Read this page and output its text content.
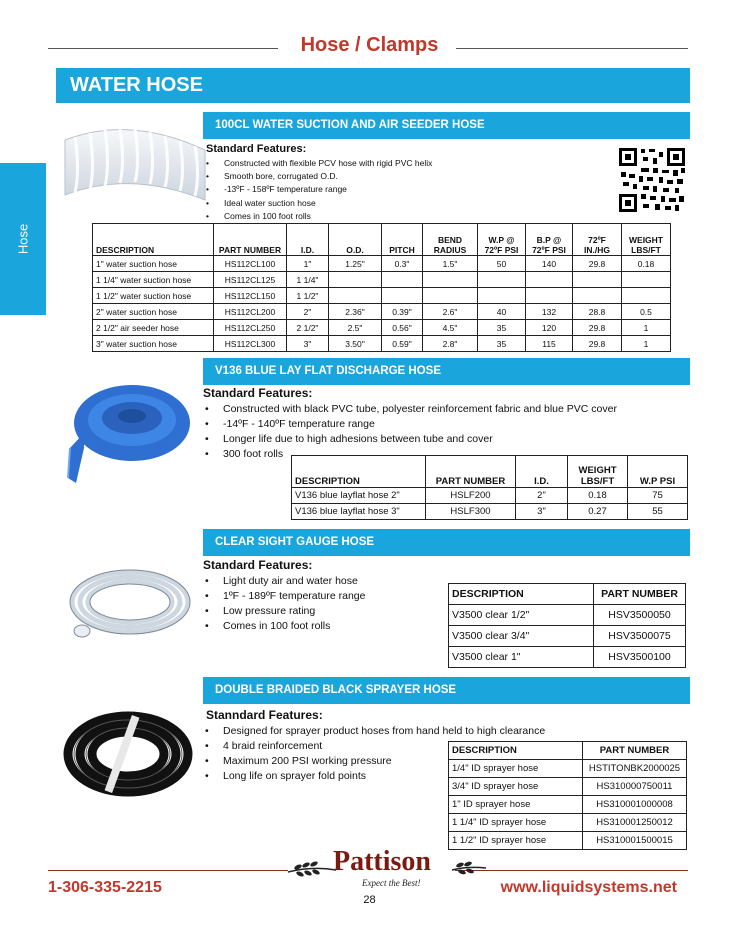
Hose / Clamps
WATER HOSE
Hose
100CL WATER SUCTION AND AIR SEEDER HOSE
Standard Features:
• Constructed with flexible PCV hose with rigid PVC helix
• Smooth bore, corrugated O.D.
• -13ºF - 158ºF temperature range
• Ideal water suction hose
• Comes in 100 foot rolls
DESCRIPTION	PART NUMBER	I.D.	O.D.	PITCH	BEND RADIUS	W.P @ 72ºF PSI	B.P @ 72ºF PSI	72ºF IN./HG	WEIGHT LBS/FT
1" water suction hose	HS112CL100	1"	1.25"	0.3"	1.5"	50	140	29.8	0.18
1 1/4" water suction hose	HS112CL125	1 1/4"							
1 1/2" water suction hose	HS112CL150	1 1/2"							
2" water suction hose	HS112CL200	2"	2.36"	0.39"	2.6"	40	132	28.8	0.5
2 1/2" air seeder hose	HS112CL250	2 1/2"	2.5"	0.56"	4.5"	35	120	29.8	1
3" water suction hose	HS112CL300	3"	3.50"	0.59"	2.8"	35	115	29.8	1
V136 BLUE LAY FLAT DISCHARGE HOSE
Standard Features:
• Constructed with black PVC tube, polyester reinforcement fabric and blue PVC cover
• -14ºF - 140ºF temperature range
• Longer life due to high adhesions between tube and cover
• 300 foot rolls
DESCRIPTION	PART NUMBER	I.D.	WEIGHT LBS/FT	W.P PSI
V136 blue layflat hose 2"	HSLF200	2"	0.18	75
V136 blue layflat hose 3"	HSLF300	3"	0.27	55
CLEAR SIGHT GAUGE HOSE
Standard Features:
• Light duty air and water hose
• 1ºF - 189ºF temperature range
• Low pressure rating
• Comes in 100 foot rolls
DESCRIPTION	PART NUMBER
V3500 clear 1/2"	HSV3500050
V3500 clear 3/4"	HSV3500075
V3500 clear 1"	HSV3500100
DOUBLE BRAIDED BLACK SPRAYER HOSE
Stanndard Features:
• Designed for sprayer product hoses from hand held to high clearance
• 4 braid reinforcement
• Maximum 200 PSI working pressure
• Long life on sprayer fold points
DESCRIPTION	PART NUMBER
1/4" ID sprayer hose	HSTITONBK2000025
3/4" ID sprayer hose	HS310000750011
1" ID sprayer hose	HS310001000008
1 1/4" ID sprayer hose	HS310001250012
1 1/2" ID sprayer hose	HS310001500015
Pattison
Expect the Best!
1-306-335-2215	www.liquidsystems.net
28
